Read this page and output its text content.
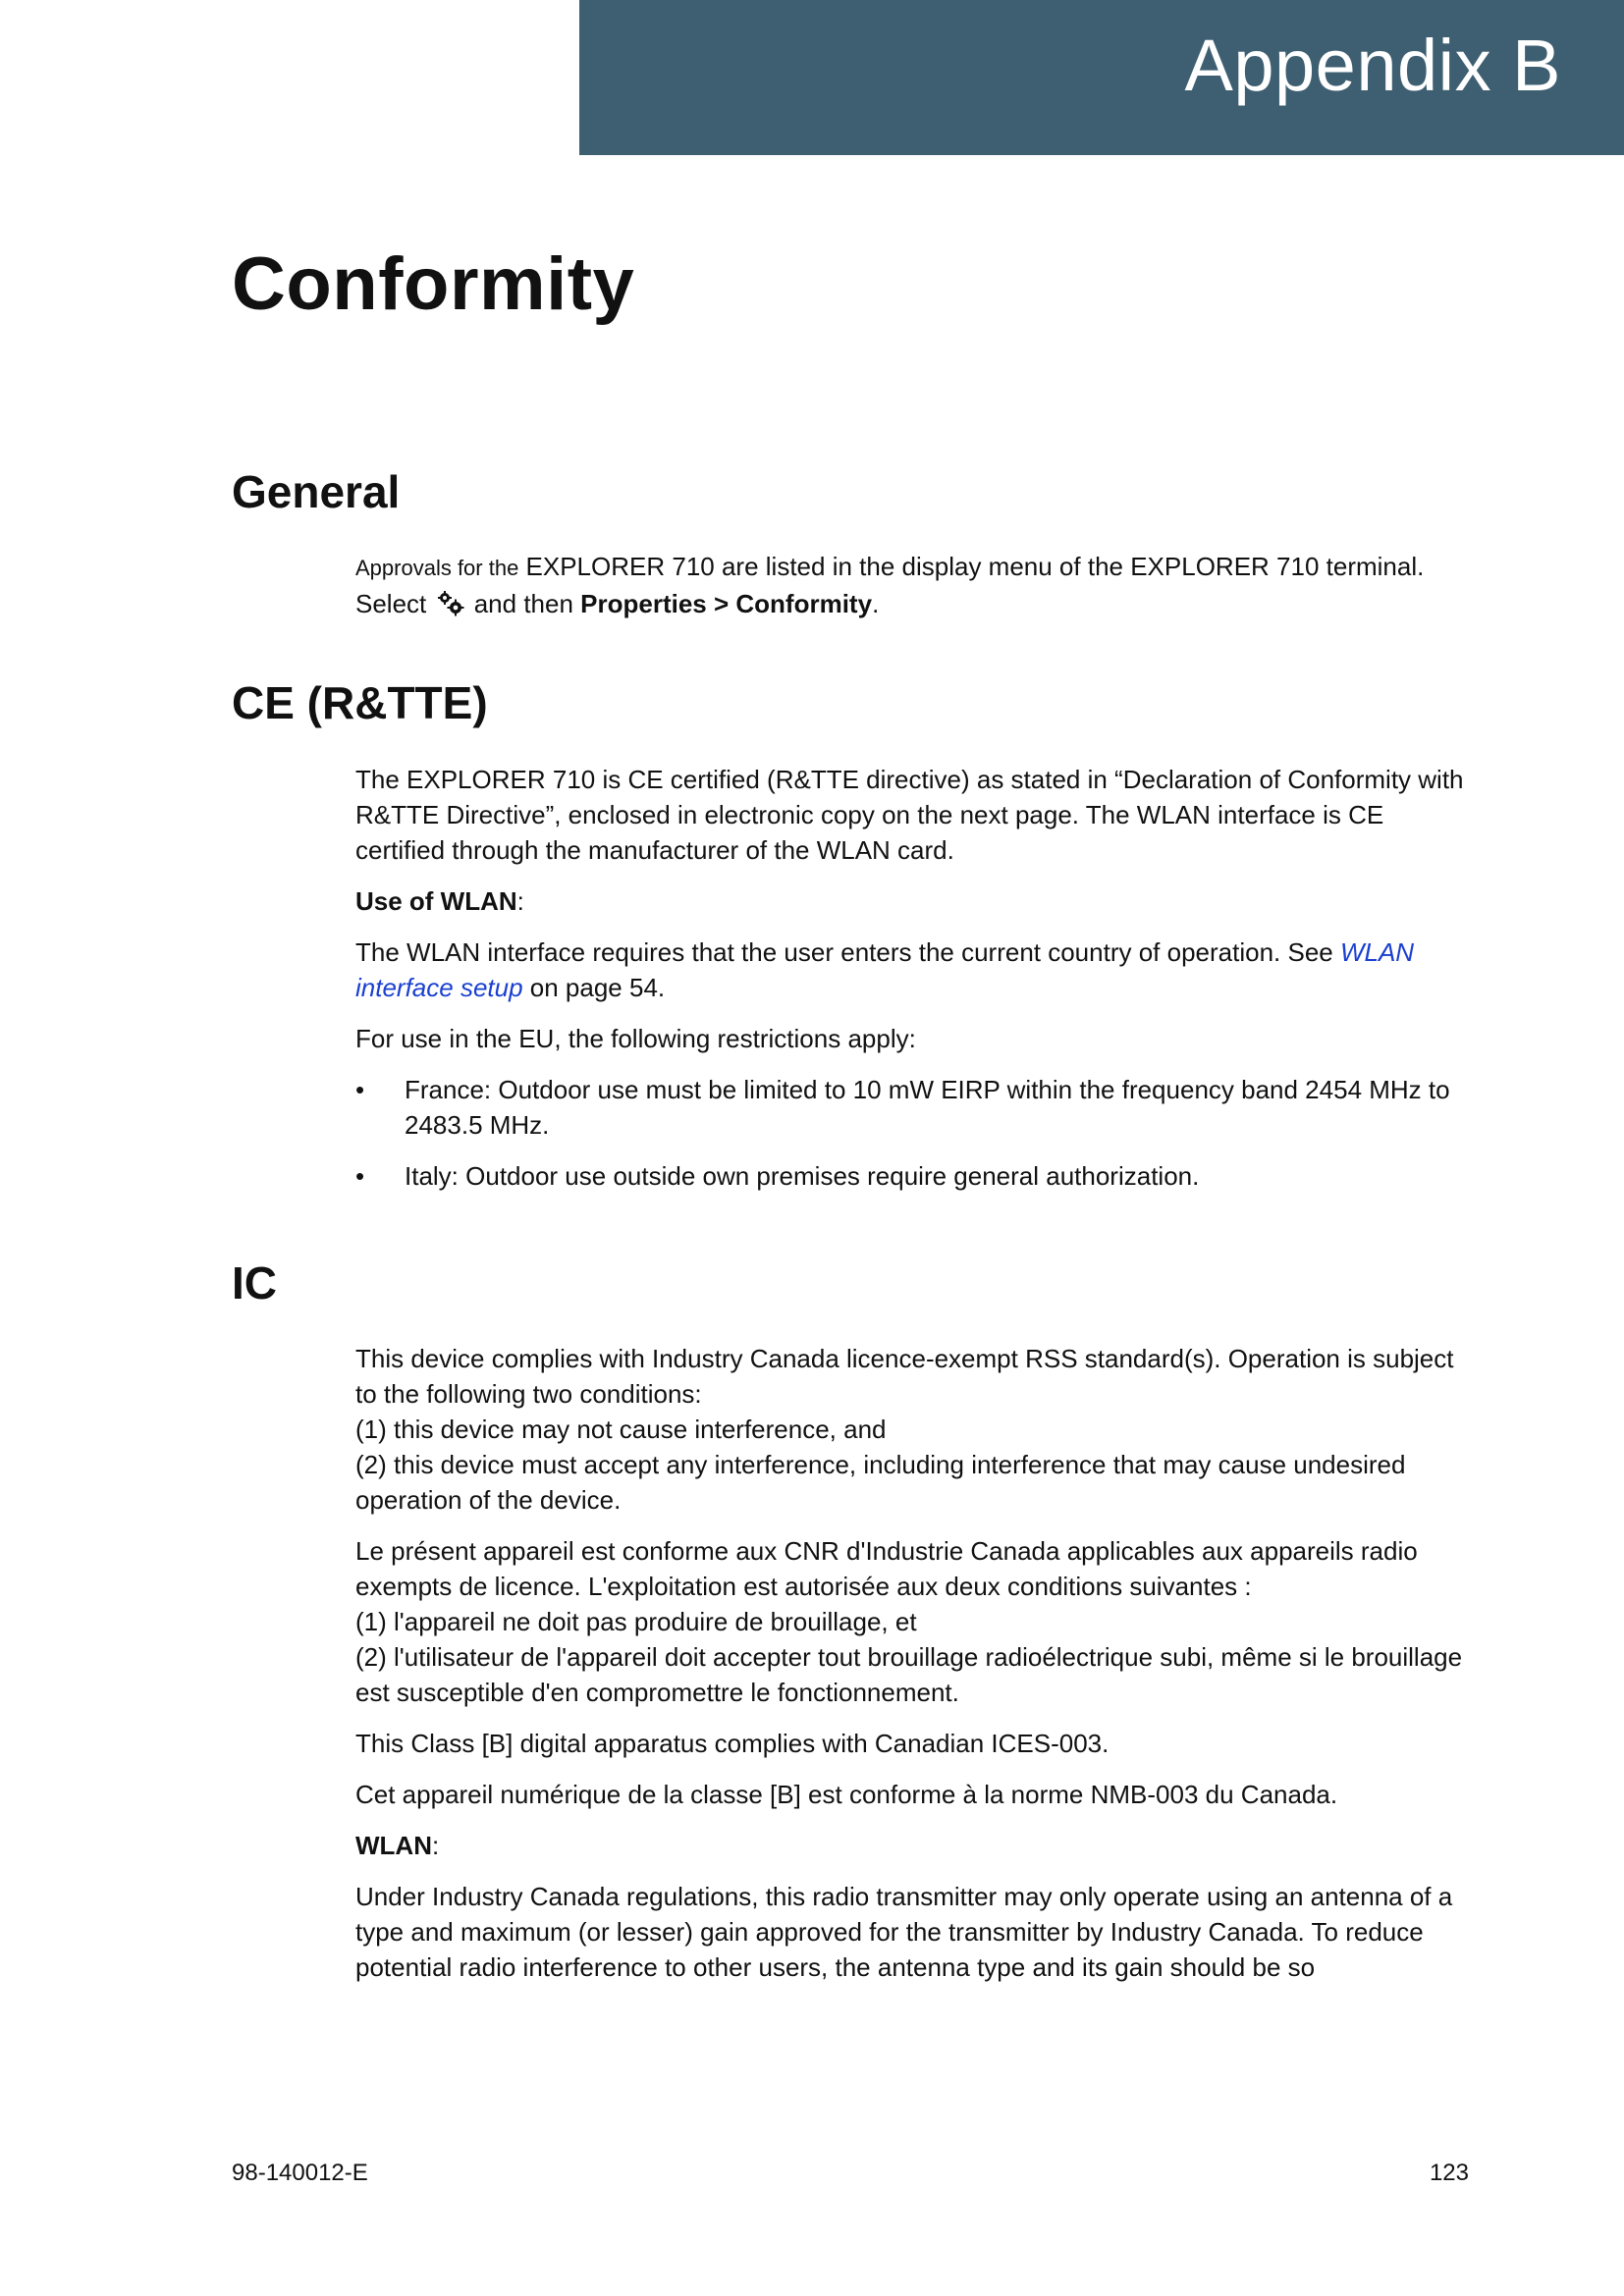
Appendix B
Conformity
General

Approvals for the EXPLORER 710 are listed in the display menu of the EXPLORER 710 terminal.
Select  and then Properties > Conformity.

CE (R&TTE)

The EXPLORER 710 is CE certified (R&TTE directive) as stated in “Declaration of Conformity with R&TTE Directive”, enclosed in electronic copy on the next page. The WLAN interface is CE certified through the manufacturer of the WLAN card.

Use of WLAN:

The WLAN interface requires that the user enters the current country of operation. See WLAN interface setup on page 54.

For use in the EU, the following restrictions apply:

• France: Outdoor use must be limited to 10 mW EIRP within the frequency band 2454 MHz to 2483.5 MHz.

• Italy: Outdoor use outside own premises require general authorization.

IC

This device complies with Industry Canada licence-exempt RSS standard(s). Operation is subject to the following two conditions:
(1) this device may not cause interference, and
(2) this device must accept any interference, including interference that may cause undesired operation of the device.

Le présent appareil est conforme aux CNR d'Industrie Canada applicables aux appareils radio exempts de licence. L'exploitation est autorisée aux deux conditions suivantes :
(1) l'appareil ne doit pas produire de brouillage, et
(2) l'utilisateur de l'appareil doit accepter tout brouillage radioélectrique subi, même si le brouillage est susceptible d'en compromettre le fonctionnement.

This Class [B] digital apparatus complies with Canadian ICES-003.

Cet appareil numérique de la classe [B] est conforme à la norme NMB-003 du Canada.

WLAN:

Under Industry Canada regulations, this radio transmitter may only operate using an antenna of a type and maximum (or lesser) gain approved for the transmitter by Industry Canada. To reduce potential radio interference to other users, the antenna type and its gain should be so

98-140012-E	123
